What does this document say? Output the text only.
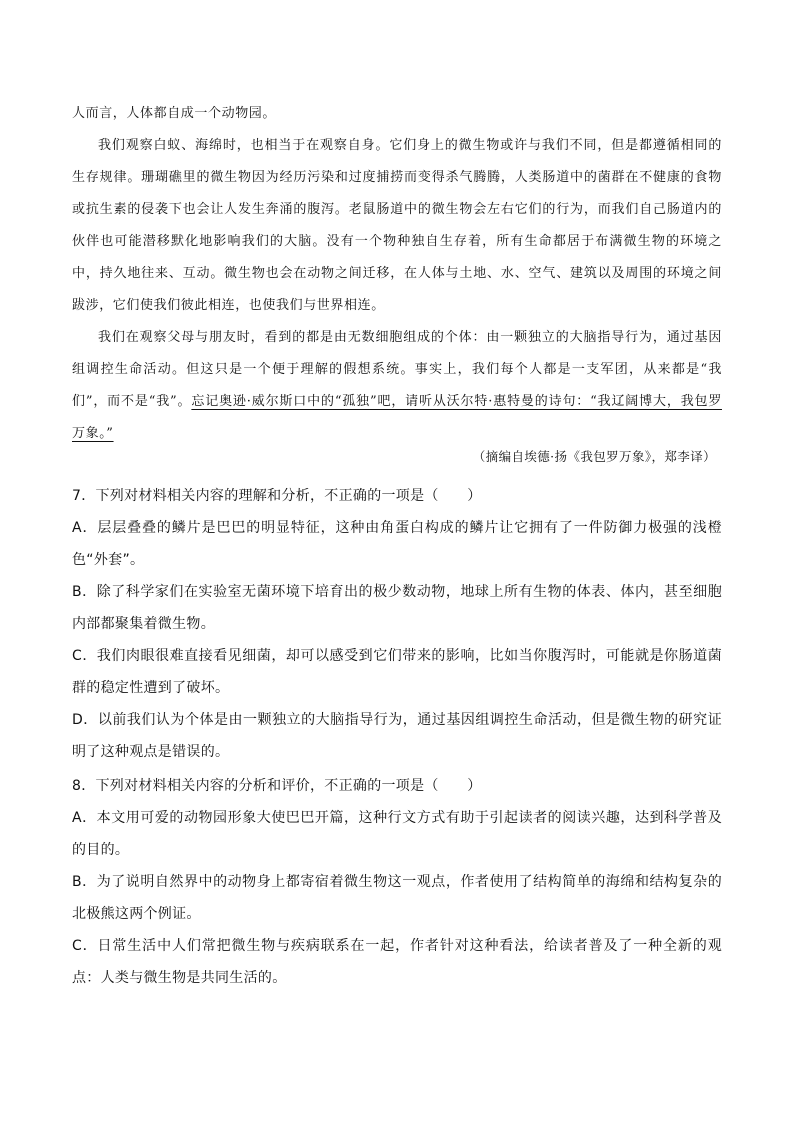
人而言，人体都自成一个动物园。

我们观察白蚁、海绵时，也相当于在观察自身。它们身上的微生物或许与我们不同，但是都遵循相同的生存规律。珊瑚礁里的微生物因为经历污染和过度捕捞而变得杀气腾腾，人类肠道中的菌群在不健康的食物或抗生素的侵袭下也会让人发生奔涌的腹泻。老鼠肠道中的微生物会左右它们的行为，而我们自己肠道内的伙伴也可能潜移默化地影响我们的大脑。没有一个物种独自生存着，所有生命都居于布满微生物的环境之中，持久地往来、互动。微生物也会在动物之间迁移，在人体与土地、水、空气、建筑以及周围的环境之间跋涉，它们使我们彼此相连，也使我们与世界相连。

我们在观察父母与朋友时，看到的都是由无数细胞组成的个体：由一颗独立的大脑指导行为，通过基因组调控生命活动。但这只是一个便于理解的假想系统。事实上，我们每个人都是一支军团，从来都是“我们”，而不是“我”。忘记奥逊·威尔斯口中的“孤独”吧，请听从沃尔特·惠特曼的诗句：“我辽阔博大，我包罗万象。”

（摘编自埃德·扬《我包罗万象》，郑李译）

7．下列对材料相关内容的理解和分析，不正确的一项是（　　）

A．层层叠叠的鳞片是巴巴的明显特征，这种由角蛋白构成的鳞片让它拥有了一件防御力极强的浅橙色“外套”。

B．除了科学家们在实验室无菌环境下培育出的极少数动物，地球上所有生物的体表、体内，甚至细胞内部都聚集着微生物。

C．我们肉眼很难直接看见细菌，却可以感受到它们带来的影响，比如当你腹泻时，可能就是你肠道菌群的稳定性遭到了破坏。

D．以前我们认为个体是由一颗独立的大脑指导行为，通过基因组调控生命活动，但是微生物的研究证明了这种观点是错误的。

8．下列对材料相关内容的分析和评价，不正确的一项是（　　）

A．本文用可爱的动物园形象大使巴巴开篇，这种行文方式有助于引起读者的阅读兴趣，达到科学普及的目的。

B．为了说明自然界中的动物身上都寄宿着微生物这一观点，作者使用了结构简单的海绵和结构复杂的北极熊这两个例证。

C．日常生活中人们常把微生物与疾病联系在一起，作者针对这种看法，给读者普及了一种全新的观点：人类与微生物是共同生活的。
